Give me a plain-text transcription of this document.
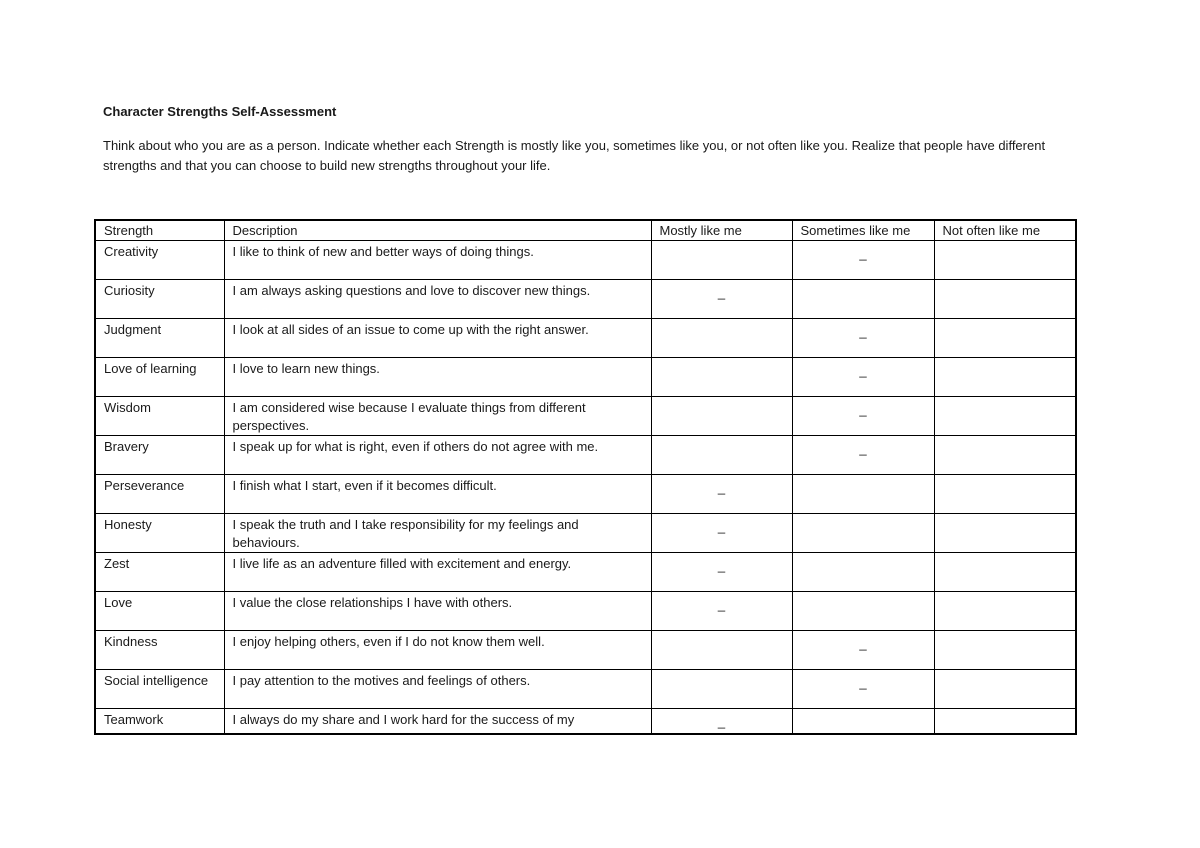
Character Strengths Self-Assessment
Think about who you are as a person. Indicate whether each Strength is mostly like you, sometimes like you, or not often like you. Realize that people have different strengths and that you can choose to build new strengths throughout your life.
Strength	Description	Mostly like me	Sometimes like me	Not often like me
Creativity	I like to think of new and better ways of doing things.		_	

Curiosity	I am always asking questions and love to discover new things.	_		

Judgment	I look at all sides of an issue to come up with the right answer.		_	

Love of learning	I love to learn new things.		_	

Wisdom	I am considered wise because I evaluate things from different perspectives.		_	

Bravery	I speak up for what is right, even if others do not agree with me.		_	

Perseverance	I finish what I start, even if it becomes difficult.	_		

Honesty	I speak the truth and I take responsibility for my feelings and behaviours.	_		

Zest	I live life as an adventure filled with excitement and energy.	_		

Love	I value the close relationships I have with others.	_		

Kindness	I enjoy helping others, even if I do not know them well.		_	

Social intelligence	I pay attention to the motives and feelings of others.		_	

Teamwork	I always do my share and I work hard for the success of my	_		
